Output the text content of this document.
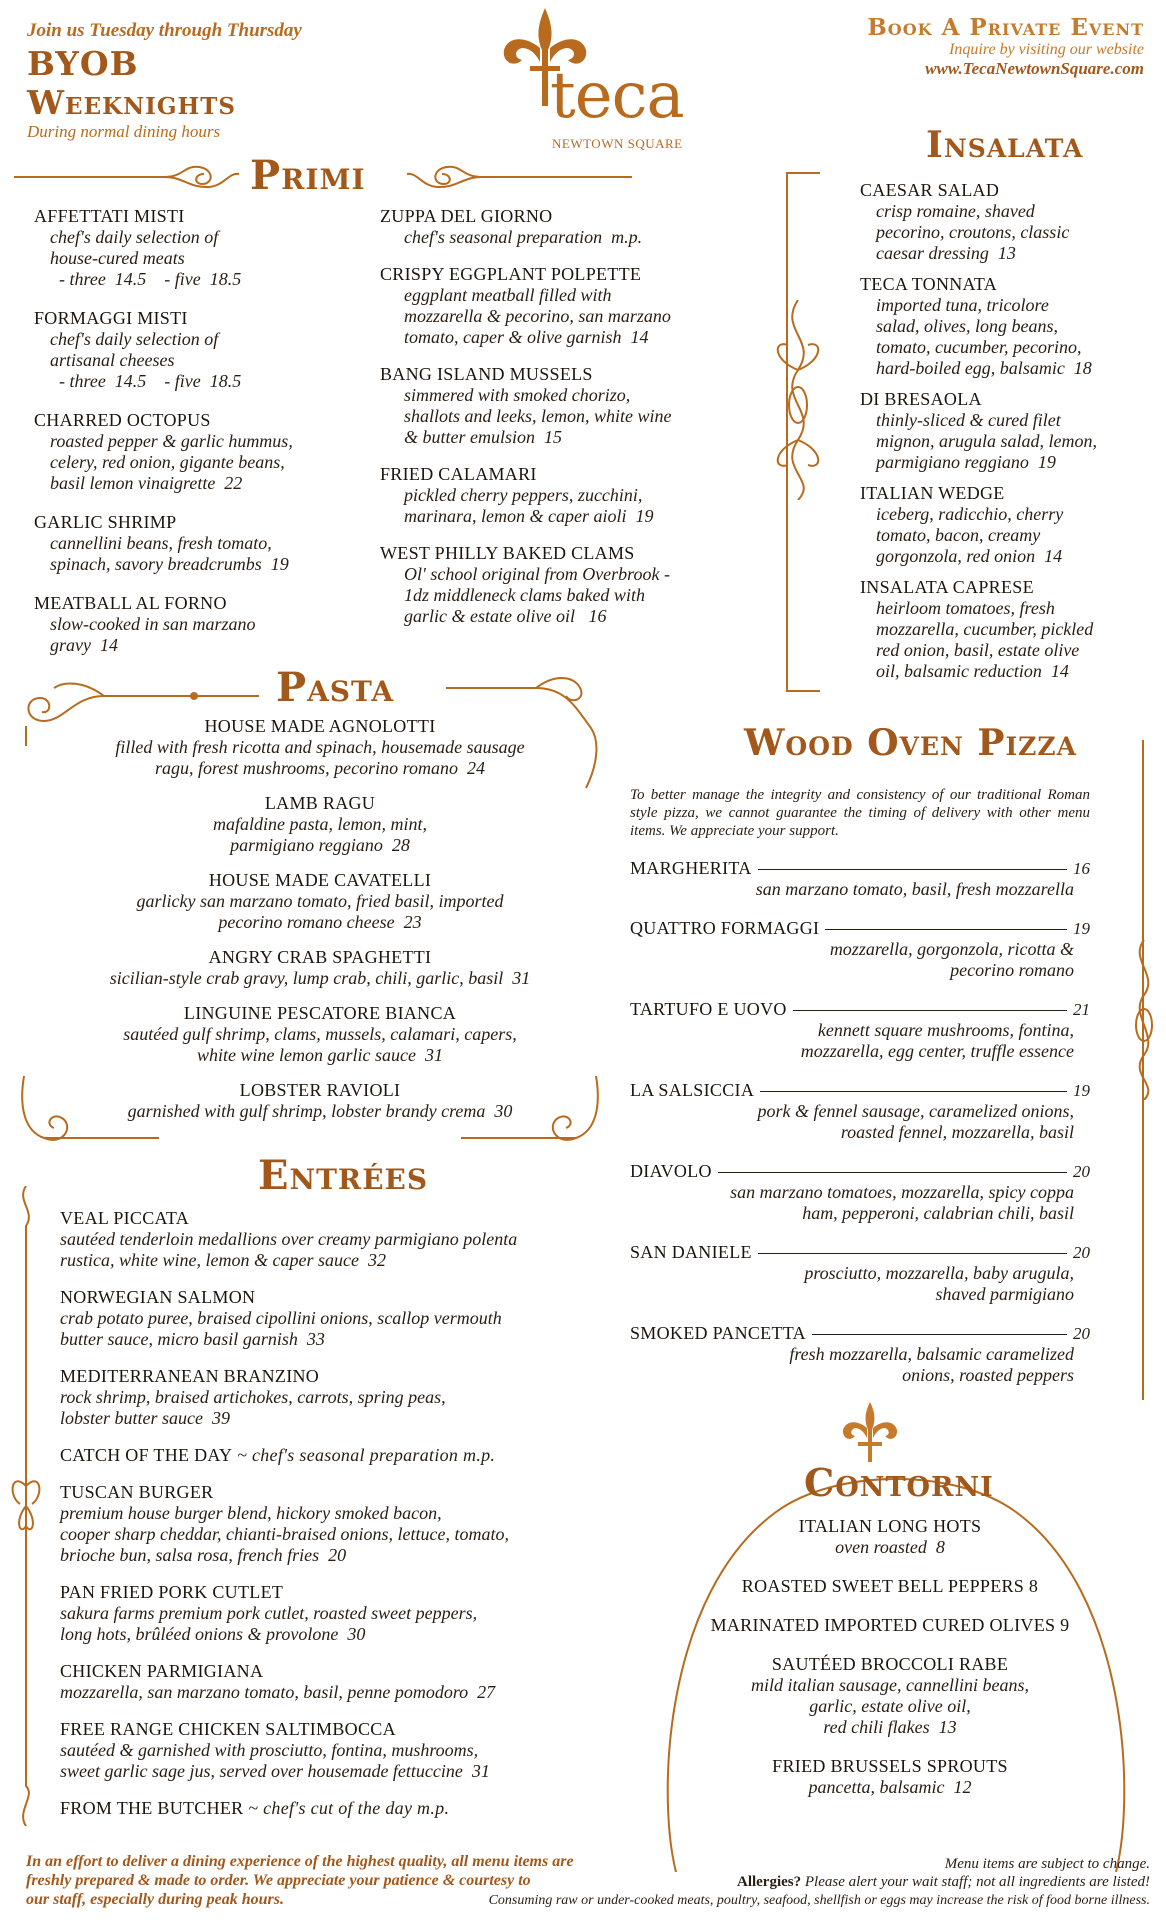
Join us Tuesday through Thursday
BYOB Weeknights
During normal dining hours	teca
NEWTOWN SQUARE
Book A Private Event
Inquire by visiting our website
www.TecaNewtownSquare.com
Primi
AFFETTATI MISTI
chef's daily selection of
house-cured meats
- three  14.5    - five  18.5
FORMAGGI MISTI
chef's daily selection of
artisanal cheeses
- three  14.5    - five  18.5
CHARRED OCTOPUS
roasted pepper & garlic hummus,
celery, red onion, gigante beans,
basil lemon vinaigrette  22
GARLIC SHRIMP
cannellini beans, fresh tomato,
spinach, savory breadcrumbs  19
MEATBALL AL FORNO
slow-cooked in san marzano
gravy  14
ZUPPA DEL GIORNO
chef's seasonal preparation  m.p.
CRISPY EGGPLANT POLPETTE
eggplant meatball filled with
mozzarella & pecorino, san marzano
tomato, caper & olive garnish  14
BANG ISLAND MUSSELS
simmered with smoked chorizo,
shallots and leeks, lemon, white wine
& butter emulsion  15
FRIED CALAMARI
pickled cherry peppers, zucchini,
marinara, lemon & caper aioli  19
WEST PHILLY BAKED CLAMS
Ol' school original from Overbrook -
1dz middleneck clams baked with
garlic & estate olive oil   16
Insalata
CAESAR SALAD
crisp romaine, shaved
pecorino, croutons, classic
caesar dressing  13
TECA TONNATA
imported tuna, tricolore
salad, olives, long beans,
tomato, cucumber, pecorino,
hard-boiled egg, balsamic  18
DI BRESAOLA
thinly-sliced & cured filet
mignon, arugula salad, lemon,
parmigiano reggiano  19
ITALIAN WEDGE
iceberg, radicchio, cherry
tomato, bacon, creamy
gorgonzola, red onion  14
INSALATA CAPRESE
heirloom tomatoes, fresh
mozzarella, cucumber, pickled
red onion, basil, estate olive
oil, balsamic reduction  14
Pasta
HOUSE MADE AGNOLOTTI
filled with fresh ricotta and spinach, housemade sausage
ragu, forest mushrooms, pecorino romano  24
LAMB RAGU
mafaldine pasta, lemon, mint,
parmigiano reggiano  28
HOUSE MADE CAVATELLI
garlicky san marzano tomato, fried basil, imported
pecorino romano cheese  23
ANGRY CRAB SPAGHETTI
sicilian-style crab gravy, lump crab, chili, garlic, basil  31
LINGUINE PESCATORE BIANCA
sautéed gulf shrimp, clams, mussels, calamari, capers,
white wine lemon garlic sauce  31
LOBSTER RAVIOLI
garnished with gulf shrimp, lobster brandy crema  30
Entrées
VEAL PICCATA
sautéed tenderloin medallions over creamy parmigiano polenta
rustica, white wine, lemon & caper sauce  32
NORWEGIAN SALMON
crab potato puree, braised cipollini onions, scallop vermouth
butter sauce, micro basil garnish  33
MEDITERRANEAN BRANZINO
rock shrimp, braised artichokes, carrots, spring peas,
lobster butter sauce  39
CATCH OF THE DAY ~ chef's seasonal preparation m.p.
TUSCAN BURGER
premium house burger blend, hickory smoked bacon,
cooper sharp cheddar, chianti-braised onions, lettuce, tomato,
brioche bun, salsa rosa, french fries  20
PAN FRIED PORK CUTLET
sakura farms premium pork cutlet, roasted sweet peppers,
long hots, brûléed onions & provolone  30
CHICKEN PARMIGIANA
mozzarella, san marzano tomato, basil, penne pomodoro  27
FREE RANGE CHICKEN SALTIMBOCCA
sautéed & garnished with prosciutto, fontina, mushrooms,
sweet garlic sage jus, served over housemade fettuccine  31
FROM THE BUTCHER ~ chef's cut of the day m.p.
Wood Oven Pizza
To better manage the integrity and consistency of our traditional Roman style pizza, we cannot guarantee the timing of delivery with other menu items. We appreciate your support.
MARGHERITA	16
san marzano tomato, basil, fresh mozzarella
QUATTRO FORMAGGI	19
mozzarella, gorgonzola, ricotta &
pecorino romano
TARTUFO E UOVO	21
kennett square mushrooms, fontina,
mozzarella, egg center, truffle essence
LA SALSICCIA	19
pork & fennel sausage, caramelized onions,
roasted fennel, mozzarella, basil
DIAVOLO	20
san marzano tomatoes, mozzarella, spicy coppa
ham, pepperoni, calabrian chili, basil
SAN DANIELE	20
prosciutto, mozzarella, baby arugula,
shaved parmigiano
SMOKED PANCETTA	20
fresh mozzarella, balsamic caramelized
onions, roasted peppers
Contorni
ITALIAN LONG HOTS
oven roasted  8
ROASTED SWEET BELL PEPPERS 8
MARINATED IMPORTED CURED OLIVES 9
SAUTÉED BROCCOLI RABE
mild italian sausage, cannellini beans,
garlic, estate olive oil,
red chili flakes  13
FRIED BRUSSELS SPROUTS
pancetta, balsamic  12
In an effort to deliver a dining experience of the highest quality, all menu items are
freshly prepared & made to order. We appreciate your patience & courtesy to
our staff, especially during peak hours.
Menu items are subject to change.
Allergies? Please alert your wait staff; not all ingredients are listed!
Consuming raw or under-cooked meats, poultry, seafood, shellfish or eggs may increase the risk of food borne illness.
